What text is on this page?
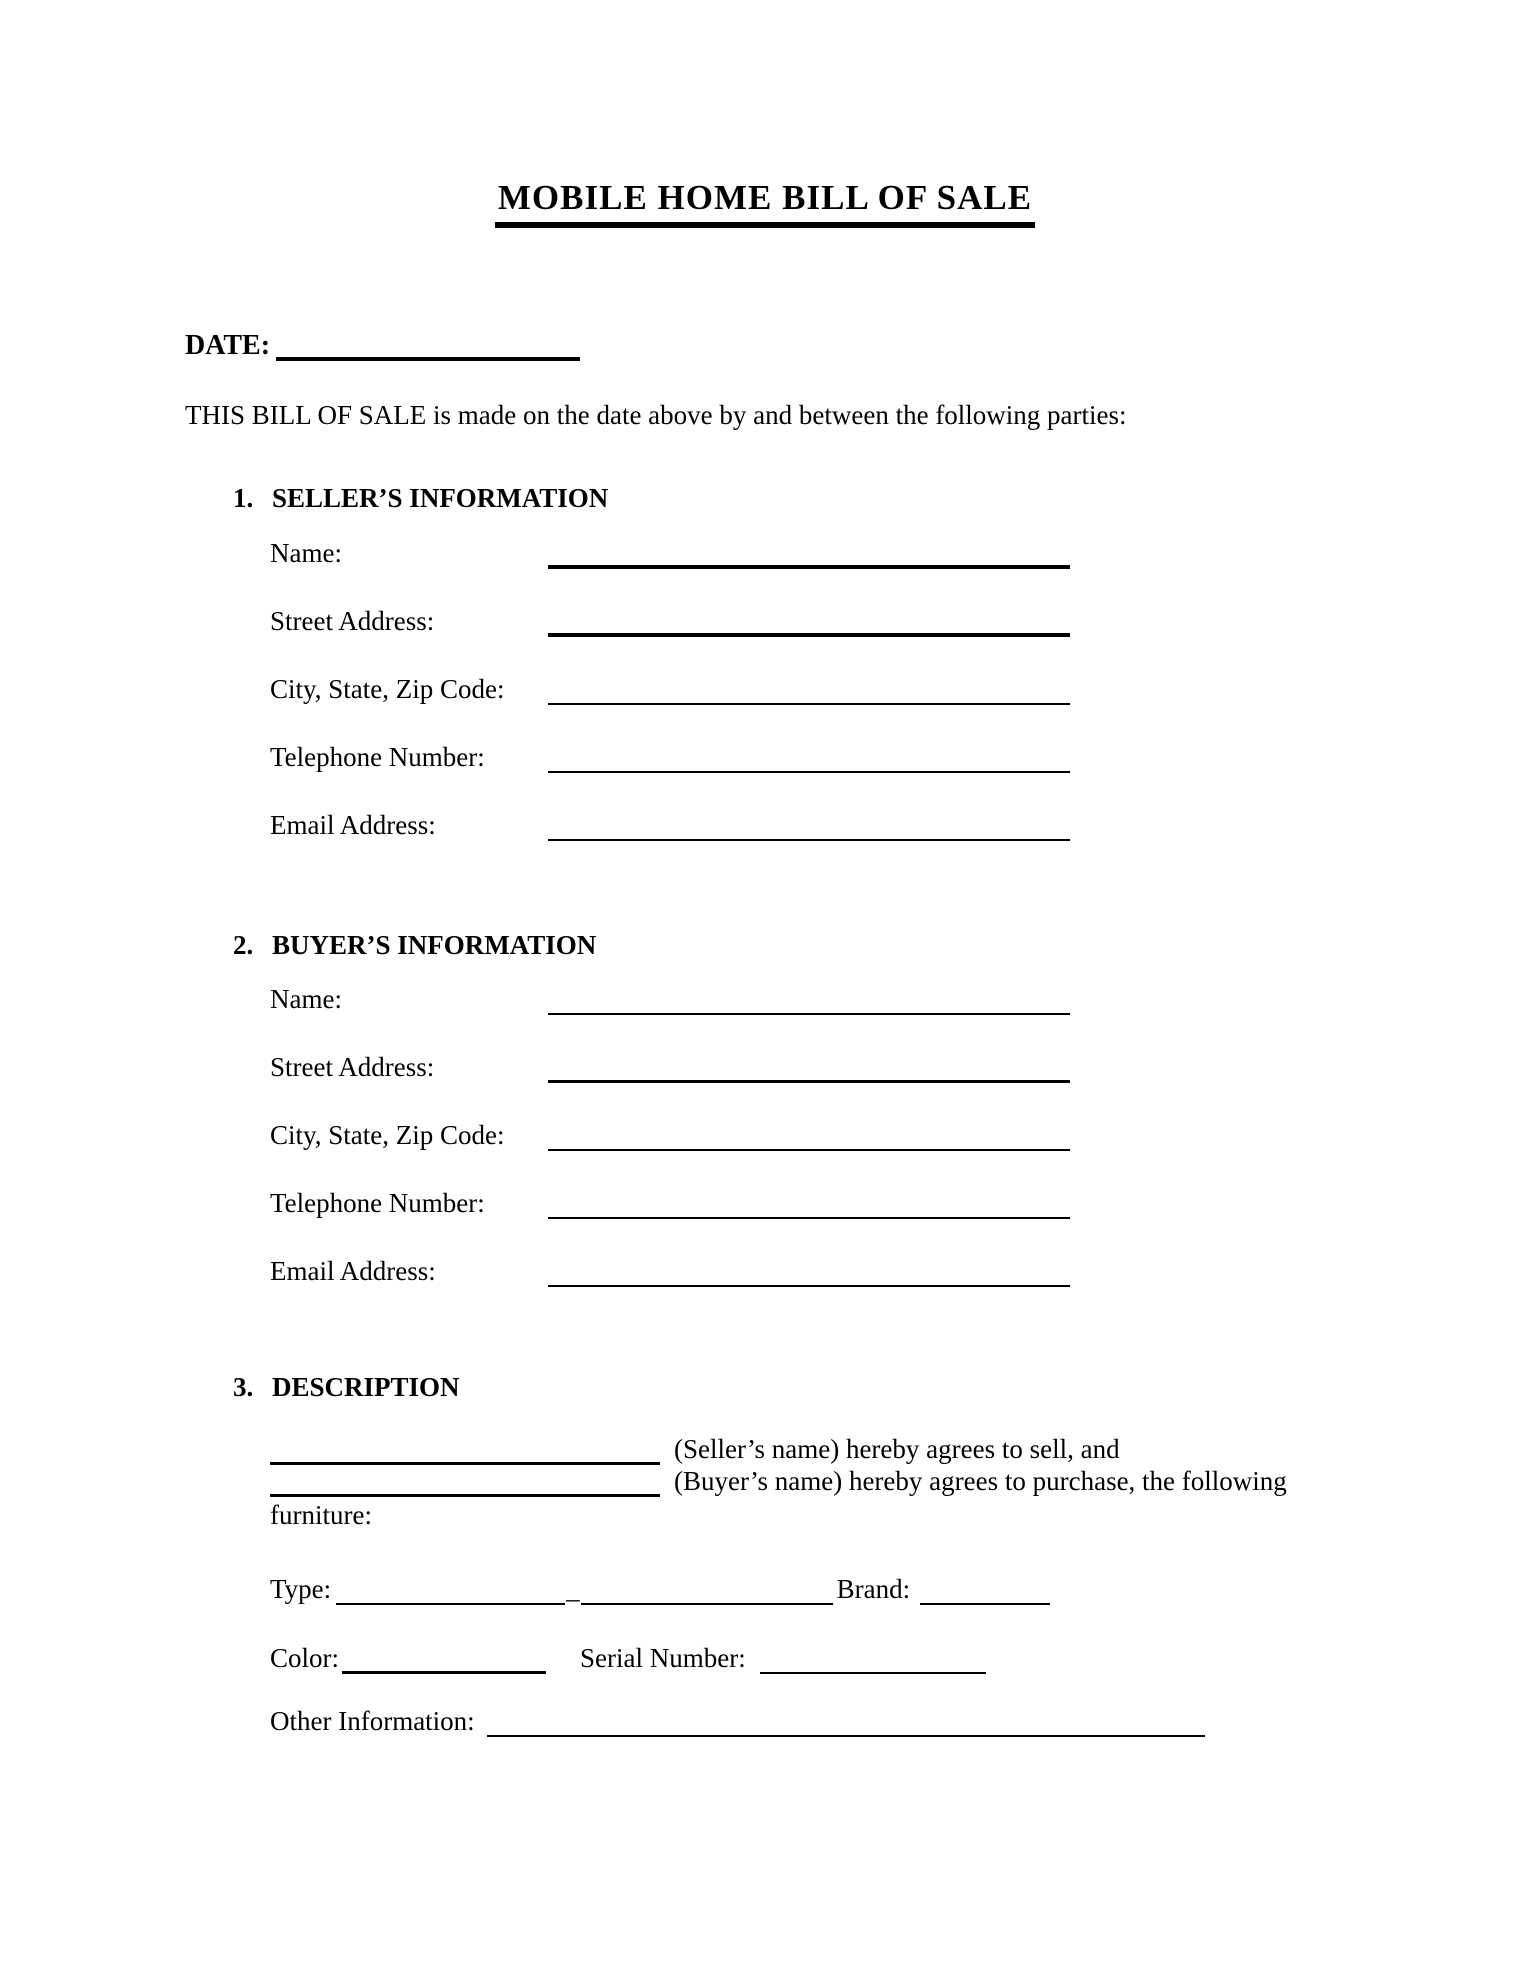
MOBILE HOME BILL OF SALE
DATE:
THIS BILL OF SALE is made on the date above by and between the following parties:
1. SELLER’S INFORMATION
Name:
Street Address:
City, State, Zip Code:
Telephone Number:
Email Address:
2. BUYER’S INFORMATION
Name:
Street Address:
City, State, Zip Code:
Telephone Number:
Email Address:
3. DESCRIPTION
(Seller’s name) hereby agrees to sell, and
(Buyer’s name) hereby agrees to purchase, the following
furniture:
Type:	_	Brand:
Color:	Serial Number:
Other Information:
